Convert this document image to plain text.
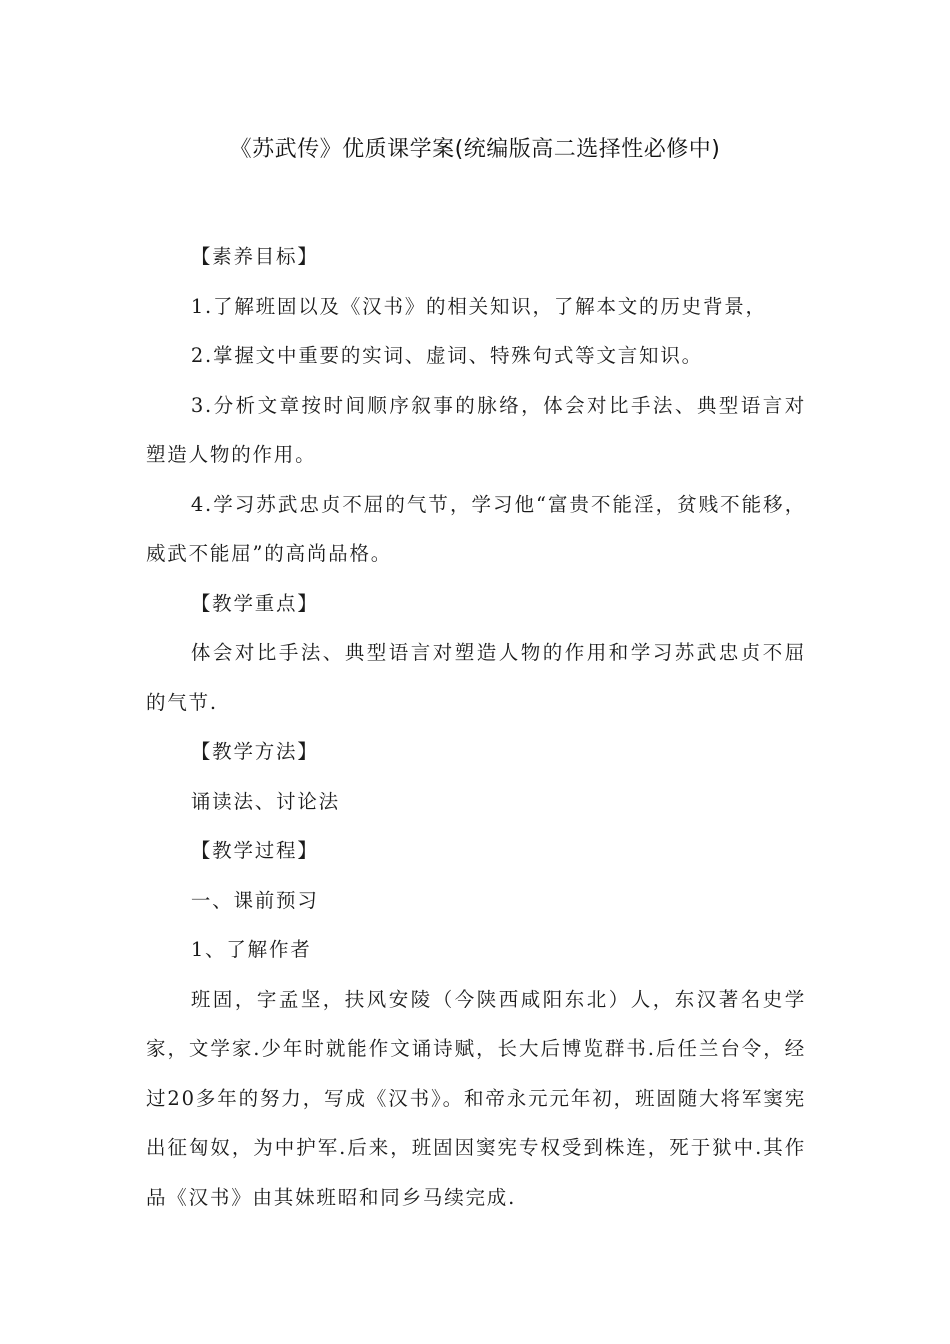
《苏武传》优质课学案(统编版高二选择性必修中)

【素养目标】

1.了解班固以及《汉书》的相关知识，了解本文的历史背景，

2.掌握文中重要的实词、虚词、特殊句式等文言知识。

3.分析文章按时间顺序叙事的脉络，体会对比手法、典型语言对塑造人物的作用。

4.学习苏武忠贞不屈的气节，学习他“富贵不能淫，贫贱不能移，威武不能屈”的高尚品格。

【教学重点】

体会对比手法、典型语言对塑造人物的作用和学习苏武忠贞不屈的气节.

【教学方法】

诵读法、讨论法

【教学过程】

一、课前预习

1、了解作者

班固，字孟坚，扶风安陵（今陕西咸阳东北）人，东汉著名史学家，文学家.少年时就能作文诵诗赋，长大后博览群书.后任兰台令，经过20多年的努力，写成《汉书》。和帝永元元年初，班固随大将军窦宪出征匈奴，为中护军.后来，班固因窦宪专权受到株连，死于狱中.其作品《汉书》由其妹班昭和同乡马续完成.
